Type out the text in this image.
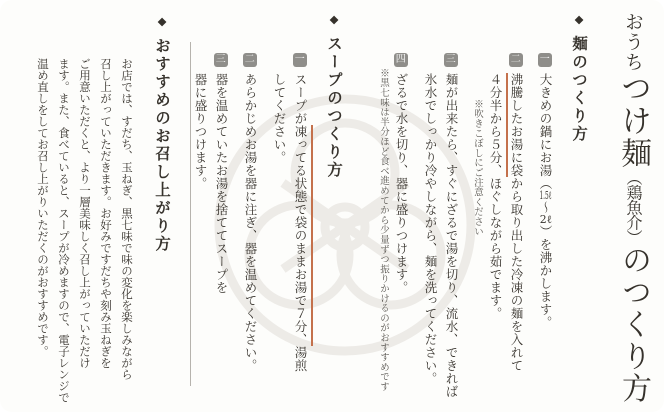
おうちつけ麺（鶏魚介）のつくり方
◆麺のつくり方
一大きめの鍋にお湯（1.5ℓ～2ℓ）を沸かします。
二沸騰したお湯に袋から取り出した冷凍の麺を入れて
４分半から５分、ほぐしながら茹でます。
※吹きこぼしにご注意ください
三麺が出来たら、すぐにざるで湯を切り、流水、できれば
氷水でしっかり冷やしながら、麺を洗ってください。
四ざるで水を切り、器に盛りつけます。
※黒七味は半分ほど食べ進めてから少量ずつ振りかけるのがおすすめです
◆スープのつくり方
一スープが凍ってる状態で袋のままお湯で７分、湯煎
してください。
二あらかじめお湯を器に注ぎ、器を温めてください。
三器を温めていたお湯を捨ててスープを
器に盛りつけます。
◆おすすめのお召し上がり方
お店では、すだち、玉ねぎ、黒七味で味の変化を楽しみながら
召し上がっていただきます。お好みですだちや刻み玉ねぎを
ご用意いただくと、より一層美味しく召し上がっていただけ
ます。また、食べていると、スープが冷めますので、電子レンジで
温め直しをしてお召し上がりいただくのがおすすめです。
